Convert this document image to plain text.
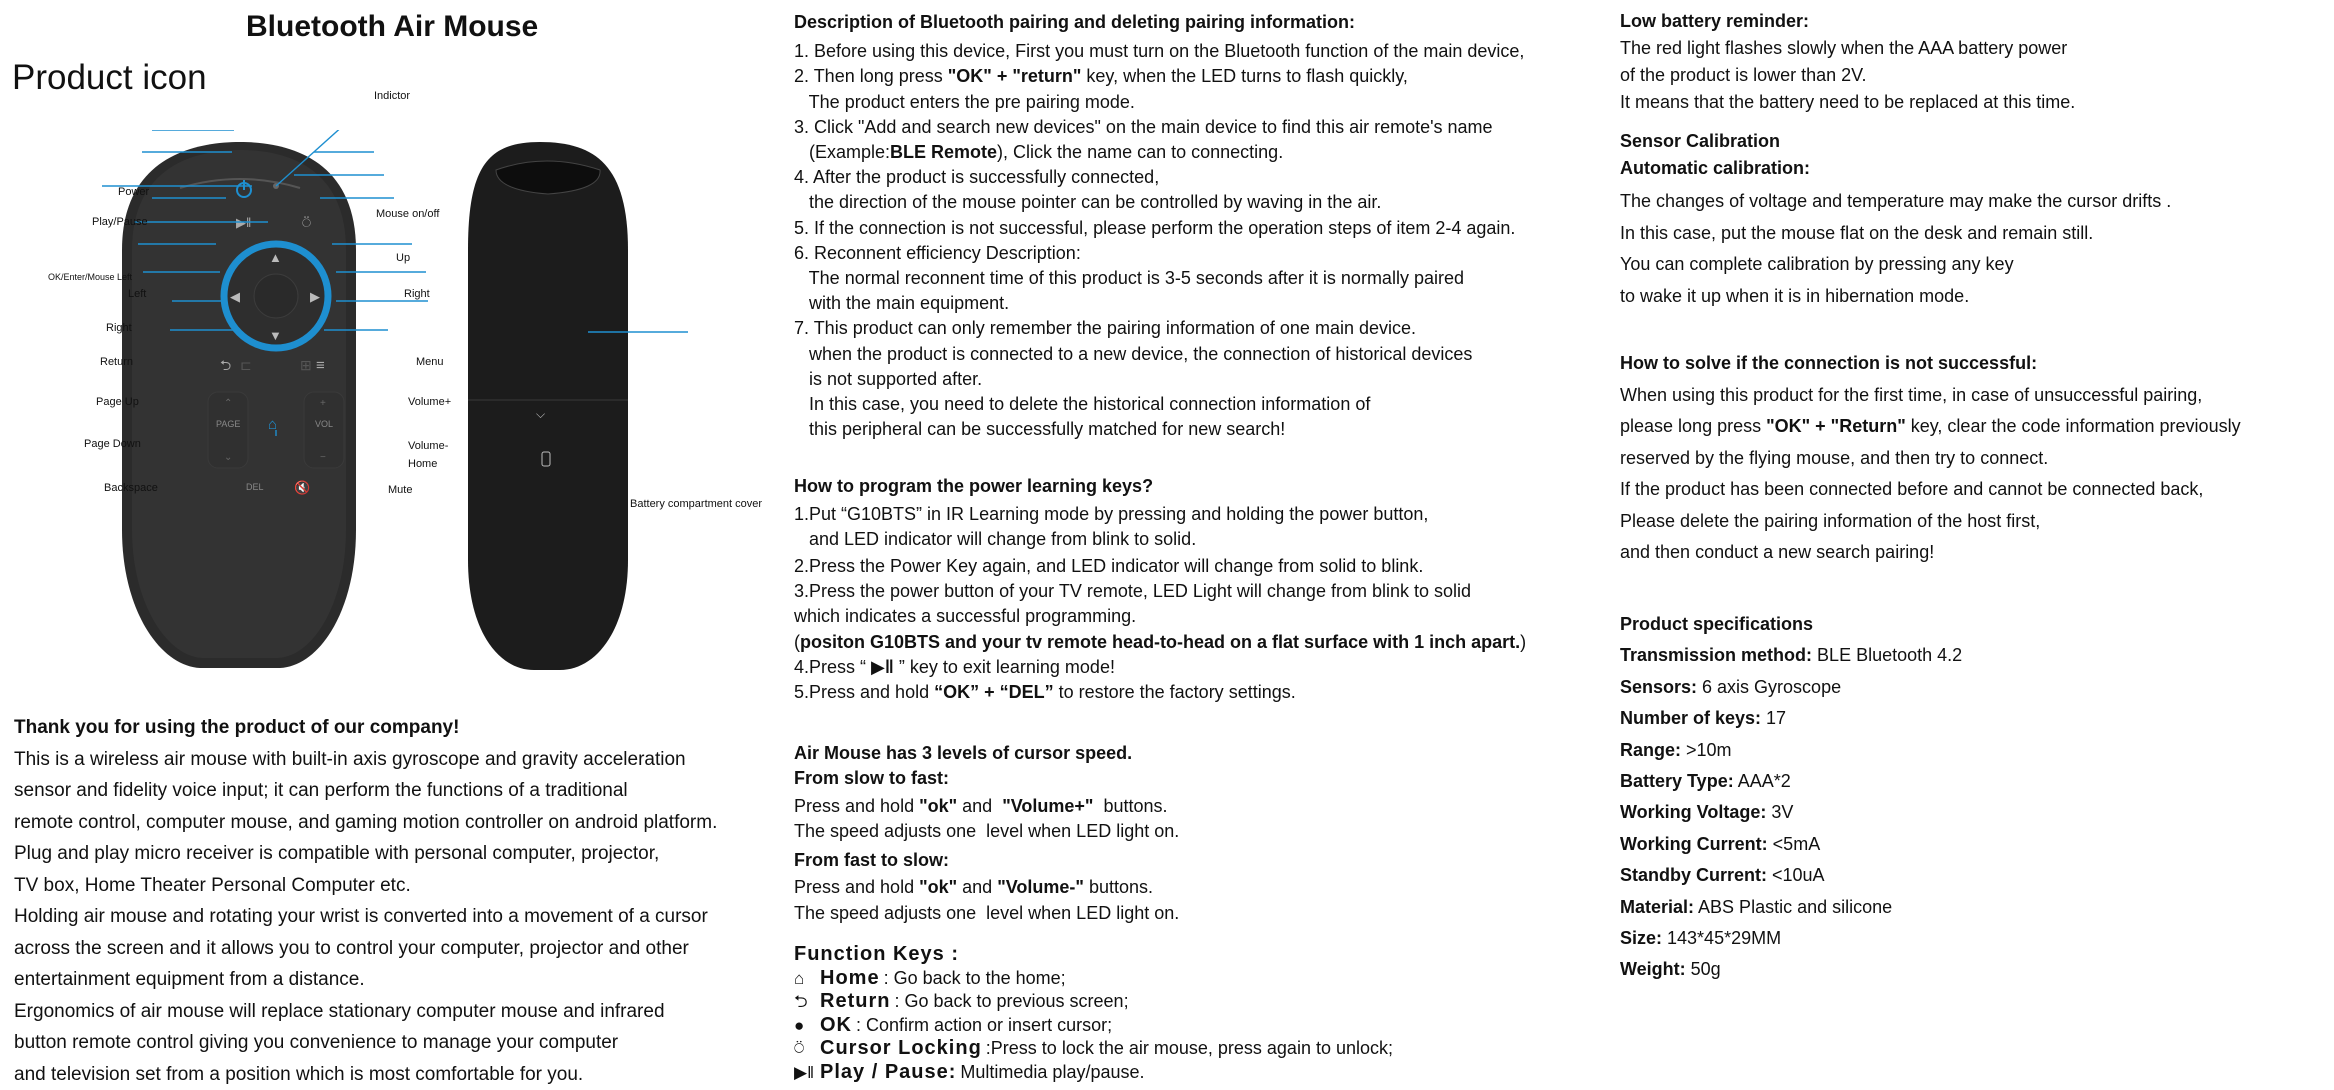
Bluetooth Air Mouse
Product icon
▶‖	⍥
▲
▼
◀	▶
⮌ ⊏	⊞ ≡
PAGE	VOL
⌃	+
⌄	−
⌂
DEL 🔇
⌵
Indictor
Power
Play/Pause
Mouse on/off
OK/Enter/Mouse Left
Left
Up
Right
Right
Return	Menu
Page Up	Volume+
Page Down	Volume-
Home
Backspace	Mute
Battery compartment cover
Thank you for using the product of our company!
This is a wireless air mouse with built-in axis gyroscope and gravity acceleration
sensor and fidelity voice input; it can perform the functions of a traditional
remote control, computer mouse, and gaming motion controller on android platform.
Plug and play micro receiver is compatible with personal computer, projector,
TV box, Home Theater Personal Computer etc.
Holding air mouse and rotating your wrist is converted into a movement of a cursor
across the screen and it allows you to control your computer, projector and other
entertainment equipment from a distance.
Ergonomics of air mouse will replace stationary computer mouse and infrared
button remote control giving you convenience to manage your computer
and television set from a position which is most comfortable for you.
Description of Bluetooth pairing and deleting pairing information:
1. Before using this device, First you must turn on the Bluetooth function of the main device,
2. Then long press "OK" + "return" key, when the LED turns to flash quickly,
The product enters the pre pairing mode.
3. Click "Add and search new devices" on the main device to find this air remote's name
(Example:BLE Remote), Click the name can to connecting.
4. After the product is successfully connected,
the direction of the mouse pointer can be controlled by waving in the air.
5. If the connection is not successful, please perform the operation steps of item 2-4 again.
6. Reconnent efficiency Description:
The normal reconnent time of this product is 3-5 seconds after it is normally paired
with the main equipment.
7. This product can only remember the pairing information of one main device.
when the product is connected to a new device, the connection of historical devices
is not supported after.
In this case, you need to delete the historical connection information of
this peripheral can be successfully matched for new search!
How to program the power learning keys?
1.Put “G10BTS” in IR Learning mode by pressing and holding the power button,
and LED indicator will change from blink to solid.
2.Press the Power Key again, and LED indicator will change from solid to blink.
3.Press the power button of your TV remote, LED Light will change from blink to solid
which indicates a successful programming.
(positon G10BTS and your tv remote head-to-head on a flat surface with 1 inch apart.)
4.Press “ ▶‖ ” key to exit learning mode!
5.Press and hold “OK” + “DEL” to restore the factory settings.
Air Mouse has 3 levels of cursor speed.
From slow to fast:
Press and hold "ok" and  "Volume+"  buttons.
The speed adjusts one  level when LED light on.
From fast to slow:
Press and hold "ok" and "Volume-" buttons.
The speed adjusts one  level when LED light on.
Function Keys :
⌂ Home : Go back to the home;
⮌ Return : Go back to previous screen;
● OK : Confirm action or insert cursor;
⍥ Cursor Locking :Press to lock the air mouse, press again to unlock;
▶‖ Play / Pause: Multimedia play/pause.
Low battery reminder:
The red light flashes slowly when the AAA battery power
of the product is lower than 2V.
It means that the battery need to be replaced at this time.
Sensor Calibration
Automatic calibration:
The changes of voltage and temperature may make the cursor drifts .
In this case, put the mouse flat on the desk and remain still.
You can complete calibration by pressing any key
to wake it up when it is in hibernation mode.
How to solve if the connection is not successful:
When using this product for the first time, in case of unsuccessful pairing,
please long press "OK" + "Return" key, clear the code information previously
reserved by the flying mouse, and then try to connect.
If the product has been connected before and cannot be connected back,
Please delete the pairing information of the host first,
and then conduct a new search pairing!
Product specifications
Transmission method: BLE Bluetooth 4.2
Sensors: 6 axis Gyroscope
Number of keys: 17
Range: >10m
Battery Type: AAA*2
Working Voltage: 3V
Working Current: <5mA
Standby Current: <10uA
Material: ABS Plastic and silicone
Size: 143*45*29MM
Weight: 50g
